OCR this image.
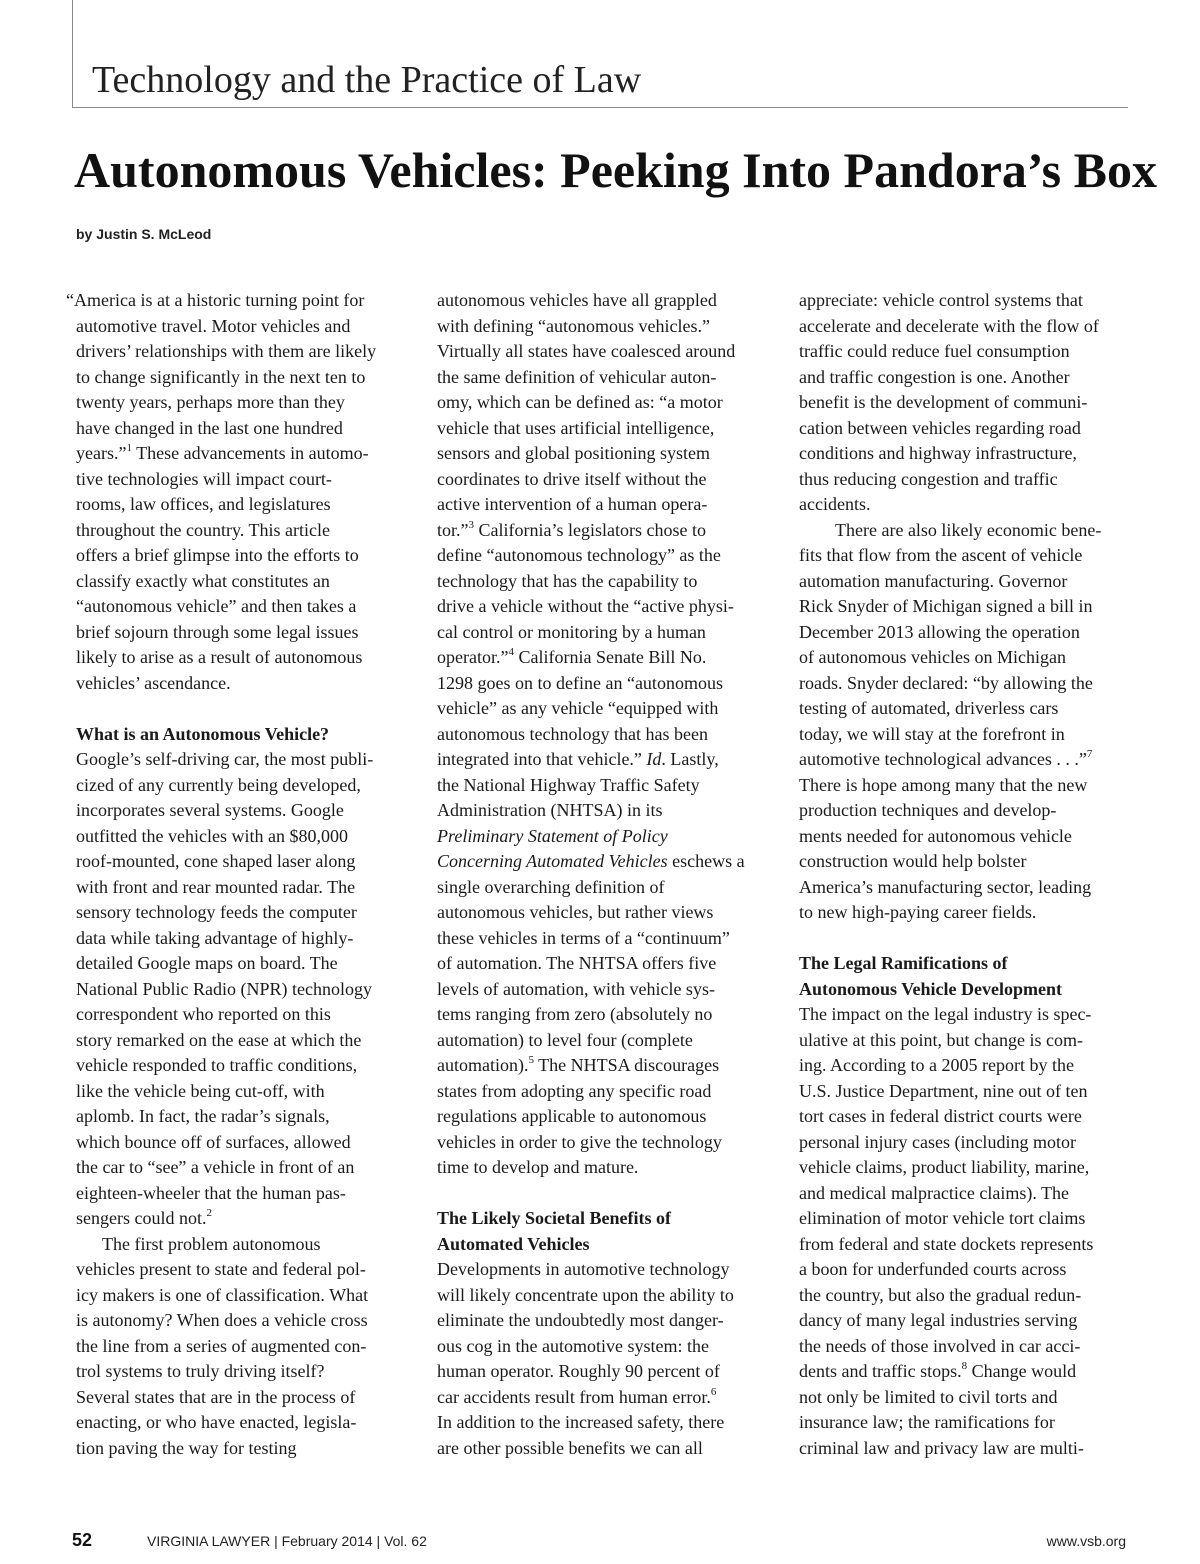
Technology and the Practice of Law
Autonomous Vehicles: Peeking Into Pandora’s Box

by Justin S. McLeod

“America is at a historic turning point for
automotive travel. Motor vehicles and
drivers’ relationships with them are likely
to change significantly in the next ten to
twenty years, perhaps more than they
have changed in the last one hundred
years.”$^1$ These advancements in automo-
tive technologies will impact court-
rooms, law offices, and legislatures
throughout the country. This article
offers a brief glimpse into the efforts to
classify exactly what constitutes an
“autonomous vehicle” and then takes a
brief sojourn through some legal issues
likely to arise as a result of autonomous
vehicles’ ascendance.
What is an Autonomous Vehicle?
Google’s self-driving car, the most publi-
cized of any currently being developed,
incorporates several systems. Google
outfitted the vehicles with an $80,000
roof-mounted, cone shaped laser along
with front and rear mounted radar. The
sensory technology feeds the computer
data while taking advantage of highly-
detailed Google maps on board. The
National Public Radio (NPR) technology
correspondent who reported on this
story remarked on the ease at which the
vehicle responded to traffic conditions,
like the vehicle being cut-off, with
aplomb. In fact, the radar’s signals,
which bounce off of surfaces, allowed
the car to “see” a vehicle in front of an
eighteen-wheeler that the human pas-
sengers could not.$^2$
The first problem autonomous
vehicles present to state and federal pol-
icy makers is one of classification. What
is autonomy? When does a vehicle cross
the line from a series of augmented con-
trol systems to truly driving itself?
Several states that are in the process of
enacting, or who have enacted, legisla-
tion paving the way for testing
autonomous vehicles have all grappled
with defining “autonomous vehicles.”
Virtually all states have coalesced around
the same definition of vehicular auton-
omy, which can be defined as: “a motor
vehicle that uses artificial intelligence,
sensors and global positioning system
coordinates to drive itself without the
active intervention of a human opera-
tor.”$^3$ California’s legislators chose to
define “autonomous technology” as the
technology that has the capability to
drive a vehicle without the “active physi-
cal control or monitoring by a human
operator.”$^4$ California Senate Bill No.
1298 goes on to define an “autonomous
vehicle” as any vehicle “equipped with
autonomous technology that has been
integrated into that vehicle.” Id. Lastly,
the National Highway Traffic Safety
Administration (NHTSA) in its
Preliminary Statement of Policy
Concerning Automated Vehicles eschews a
single overarching definition of
autonomous vehicles, but rather views
these vehicles in terms of a “continuum”
of automation. The NHTSA offers five
levels of automation, with vehicle sys-
tems ranging from zero (absolutely no
automation) to level four (complete
automation).$^5$ The NHTSA discourages
states from adopting any specific road
regulations applicable to autonomous
vehicles in order to give the technology
time to develop and mature.
The Likely Societal Benefits of
Automated Vehicles
Developments in automotive technology
will likely concentrate upon the ability to
eliminate the undoubtedly most danger-
ous cog in the automotive system: the
human operator. Roughly 90 percent of
car accidents result from human error.$^6$
In addition to the increased safety, there
are other possible benefits we can all
appreciate: vehicle control systems that
accelerate and decelerate with the flow of
traffic could reduce fuel consumption
and traffic congestion is one. Another
benefit is the development of communi-
cation between vehicles regarding road
conditions and highway infrastructure,
thus reducing congestion and traffic
accidents.
There are also likely economic bene-
fits that flow from the ascent of vehicle
automation manufacturing. Governor
Rick Snyder of Michigan signed a bill in
December 2013 allowing the operation
of autonomous vehicles on Michigan
roads. Snyder declared: “by allowing the
testing of automated, driverless cars
today, we will stay at the forefront in
automotive technological advances . . .”$^7$
There is hope among many that the new
production techniques and develop-
ments needed for autonomous vehicle
construction would help bolster
America’s manufacturing sector, leading
to new high-paying career fields.
The Legal Ramifications of
Autonomous Vehicle Development
The impact on the legal industry is spec-
ulative at this point, but change is com-
ing. According to a 2005 report by the
U.S. Justice Department, nine out of ten
tort cases in federal district courts were
personal injury cases (including motor
vehicle claims, product liability, marine,
and medical malpractice claims). The
elimination of motor vehicle tort claims
from federal and state dockets represents
a boon for underfunded courts across
the country, but also the gradual redun-
dancy of many legal industries serving
the needs of those involved in car acci-
dents and traffic stops.$^8$ Change would
not only be limited to civil torts and
insurance law; the ramifications for
criminal law and privacy law are multi-
52	VIRGINIA LAWYER | February 2014 | Vol. 62	www.vsb.org
